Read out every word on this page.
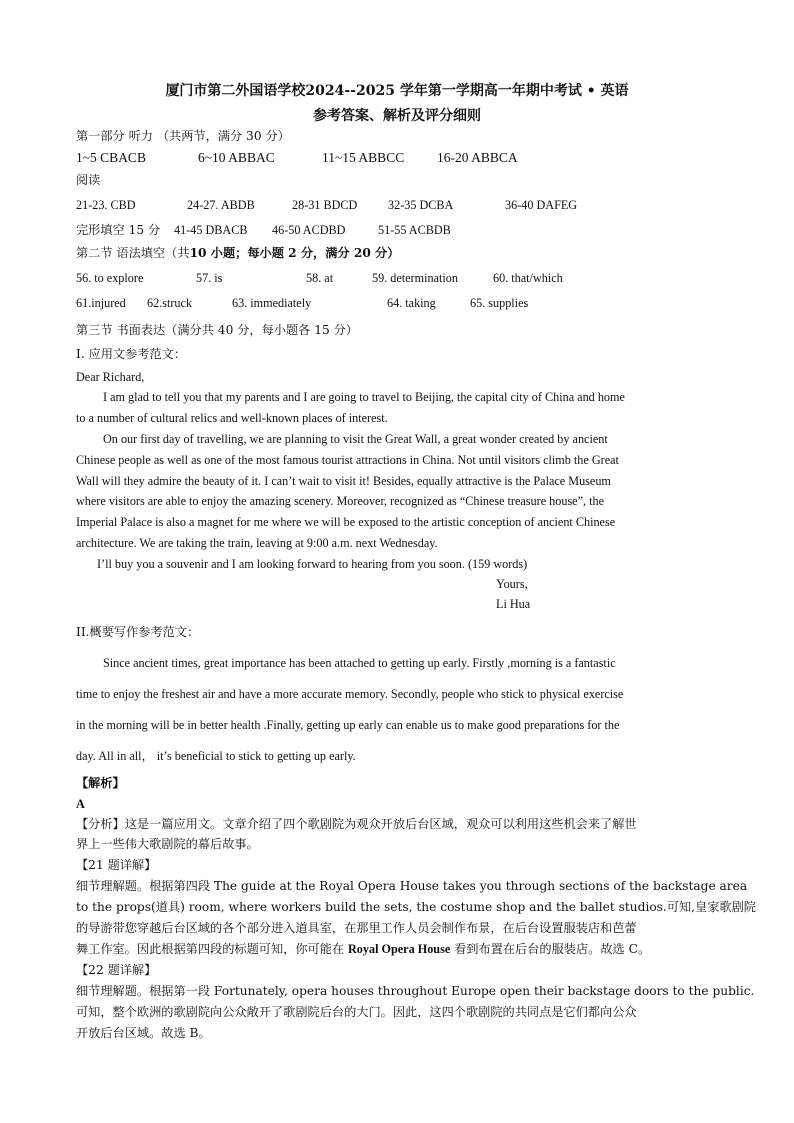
厦门市第二外国语学校2024--2025 学年第一学期高一年期中考试 • 英语
参考答案、解析及评分细则
第一部分 听力 （共两节，满分 30 分）
1~5 CBACB	6~10 ABBAC	11~15 ABBCC 16-20 ABBCA
阅读
21-23. CBD	24-27. ABDB	28-31 BDCD	32-35 DCBA	36-40 DAFEG
完形填空 15 分 41-45 DBACB 46-50 ACDBD	51-55 ACBDB
第二节 语法填空（共10 小题；每小题 2 分，满分 20 分）
56. to explore	57. is	58. at	59. determination	60. that/which
61.injured 62.struck	63. immediately	64. taking	65. supplies
第三节 书面表达（满分共 40 分，每小题各 15 分）
I. 应用文参考范文：
Dear Richard,
I am glad to tell you that my parents and I are going to travel to Beijing, the capital city of China and home
to a number of cultural relics and well-known places of interest.
On our first day of travelling, we are planning to visit the Great Wall, a great wonder created by ancient
Chinese people as well as one of the most famous tourist attractions in China. Not until visitors climb the Great
Wall will they admire the beauty of it. I can’t wait to visit it! Besides, equally attractive is the Palace Museum
where visitors are able to enjoy the amazing scenery. Moreover, recognized as “Chinese treasure house”, the
Imperial Palace is also a magnet for me where we will be exposed to the artistic conception of ancient Chinese
architecture. We are taking the train, leaving at 9:00 a.m. next Wednesday.
I’ll buy you a souvenir and I am looking forward to hearing from you soon. (159 words)
Yours,
Li Hua
II.概要写作参考范文：
Since ancient times, great importance has been attached to getting up early. Firstly ,morning is a fantastic
time to enjoy the freshest air and have a more accurate memory. Secondly, people who stick to physical exercise
in the morning will be in better health .Finally, getting up early can enable us to make good preparations for the
day. All in all， it’s beneficial to stick to getting up early.
【解析】
A
【分析】这是一篇应用文。文章介绍了四个歌剧院为观众开放后台区域，观众可以利用这些机会来了解世
界上一些伟大歌剧院的幕后故事。
【21 题详解】
细节理解题。根据第四段 The guide at the Royal Opera House takes you through sections of the backstage area
to the props(道具) room, where workers build the sets, the costume shop and the ballet studios.可知,皇家歌剧院
的导游带您穿越后台区域的各个部分进入道具室，在那里工作人员会制作布景，在后台设置服装店和芭蕾
舞工作室。因此根据第四段的标题可知，你可能在 Royal Opera House 看到布置在后台的服装店。故选 C。
【22 题详解】
细节理解题。根据第一段 Fortunately, opera houses throughout Europe open their backstage doors to the public.
可知，整个欧洲的歌剧院向公众敞开了歌剧院后台的大门。因此，这四个歌剧院的共同点是它们都向公众
开放后台区域。故选 B。
